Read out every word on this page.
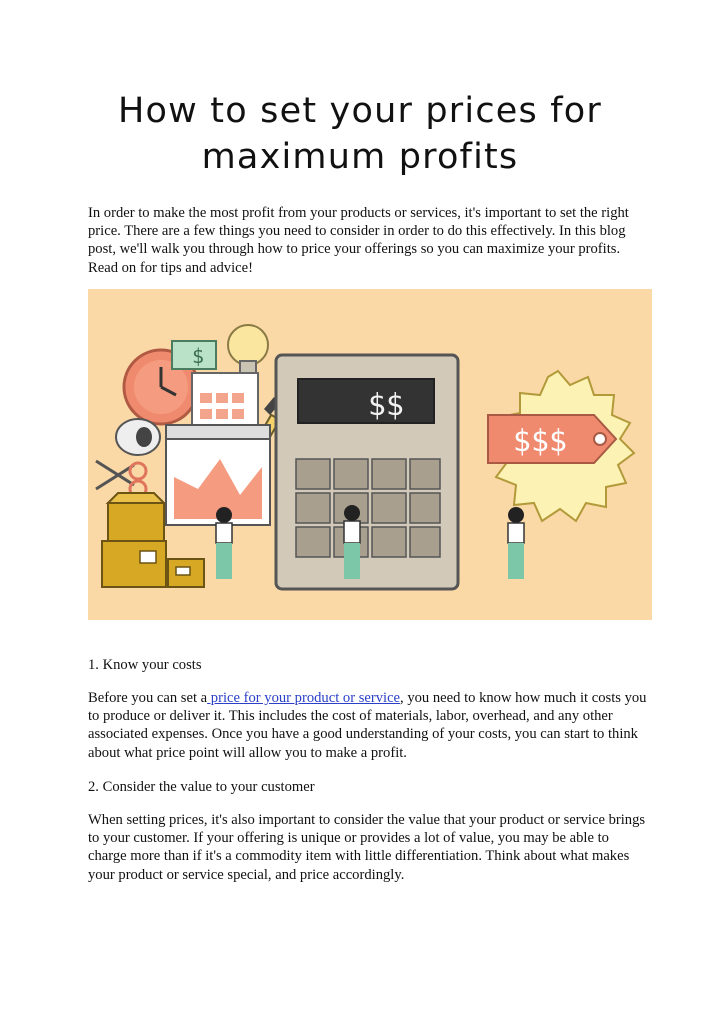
How to set your prices for maximum profits

In order to make the most profit from your products or services, it's important to set the right price. There are a few things you need to consider in order to do this effectively. In this blog post, we'll walk you through how to price your offerings so you can maximize your profits. Read on for tips and advice!

$
$$
$$$

1. Know your costs

Before you can set a price for your product or service, you need to know how much it costs you to produce or deliver it. This includes the cost of materials, labor, overhead, and any other associated expenses. Once you have a good understanding of your costs, you can start to think about what price point will allow you to make a profit.

2. Consider the value to your customer

When setting prices, it's also important to consider the value that your product or service brings to your customer. If your offering is unique or provides a lot of value, you may be able to charge more than if it's a commodity item with little differentiation. Think about what makes your product or service special, and price accordingly.
